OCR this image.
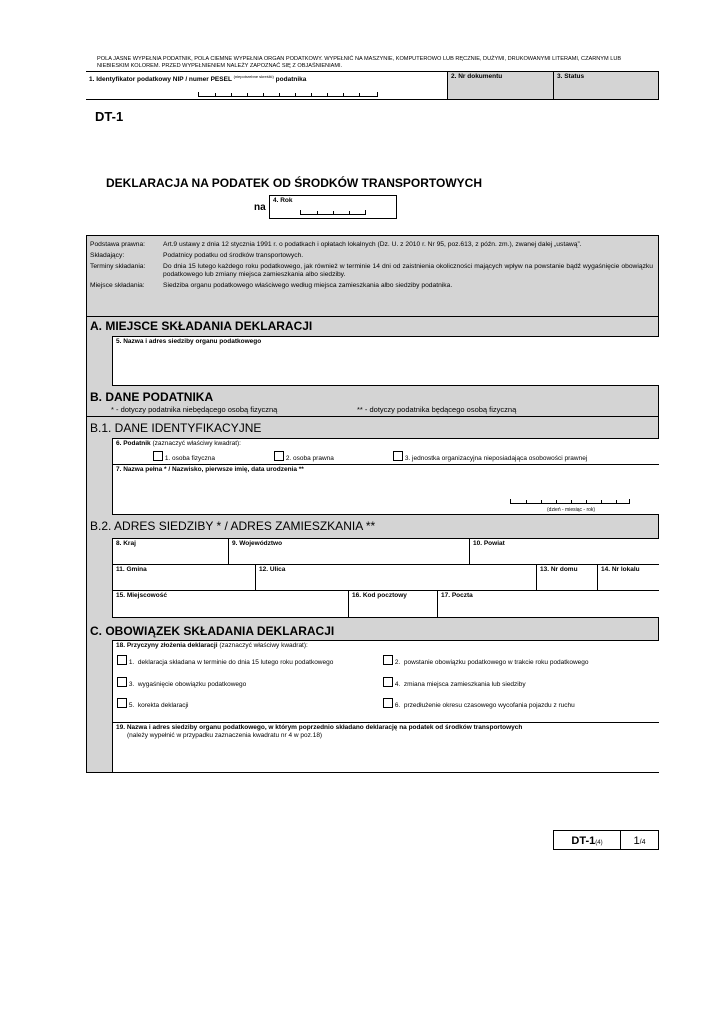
POLA JASNE WYPEŁNIA PODATNIK, POLA CIEMNE WYPEŁNIA ORGAN PODATKOWY. WYPEŁNIĆ NA MASZYNIE, KOMPUTEROWO LUB RĘCZNIE, DUŻYMI, DRUKOWANYMI LITERAMI, CZARNYM LUB NIEBIESKIM KOLOREM. PRZED WYPEŁNIENIEM NALEŻY ZAPOZNAĆ SIĘ Z OBJAŚNIENIAMI.
1. Identyfikator podatkowy NIP / numer PESEL $^{(niepotrzebne skreślić)}$ podatnika	2. Nr dokumentu	3. Status
DT-1
DEKLARACJA NA PODATEK OD ŚRODKÓW TRANSPORTOWYCH
na
4. Rok
Podstawa prawna:	Art.9 ustawy z dnia 12 stycznia 1991 r. o podatkach i opłatach lokalnych (Dz. U. z 2010 r. Nr 95, poz.613, z późn. zm.), zwanej dalej „ustawą”.
Składający:	Podatnicy podatku od środków transportowych.
Terminy składania:	Do dnia 15 lutego każdego roku podatkowego, jak również w terminie 14 dni od zaistnienia okoliczności mających wpływ na powstanie bądź wygaśnięcie obowiązku podatkowego lub zmiany miejsca zamieszkania albo siedziby.
Miejsce składania:	Siedziba organu podatkowego właściwego według miejsca zamieszkania albo siedziby podatnika.
A. MIEJSCE SKŁADANIA DEKLARACJI
5. Nazwa i adres siedziby organu podatkowego
B. DANE PODATNIKA
* - dotyczy podatnika niebędącego osobą fizyczną	** - dotyczy podatnika będącego osobą fizyczną
B.1. DANE IDENTYFIKACYJNE
6. Podatnik (zaznaczyć właściwy kwadrat):
1. osoba fizyczna	2. osoba prawna	3. jednostka organizacyjna nieposiadająca osobowości prawnej
7. Nazwa pełna * / Nazwisko, pierwsze imię, data urodzenia **
(dzień - miesiąc - rok)
B.2. ADRES SIEDZIBY * / ADRES ZAMIESZKANIA **
8. Kraj	9. Województwo	10. Powiat
11. Gmina	12. Ulica	13. Nr domu	14. Nr lokalu
15. Miejscowość	16. Kod pocztowy	17. Poczta
C. OBOWIĄZEK SKŁADANIA DEKLARACJI
18. Przyczyny złożenia deklaracji (zaznaczyć właściwy kwadrat):
1. deklaracja składana w terminie do dnia 15 lutego roku podatkowego	2. powstanie obowiązku podatkowego w trakcie roku podatkowego
3. wygaśnięcie obowiązku podatkowego	4. zmiana miejsca zamieszkania lub siedziby
5. korekta deklaracji	6. przedłużenie okresu czasowego wycofania pojazdu z ruchu
19. Nazwa i adres siedziby organu podatkowego, w którym poprzednio składano deklarację na podatek od środków transportowych
(należy wypełnić w przypadku zaznaczenia kwadratu nr 4 w poz.18)
DT-1(4)	1/4
